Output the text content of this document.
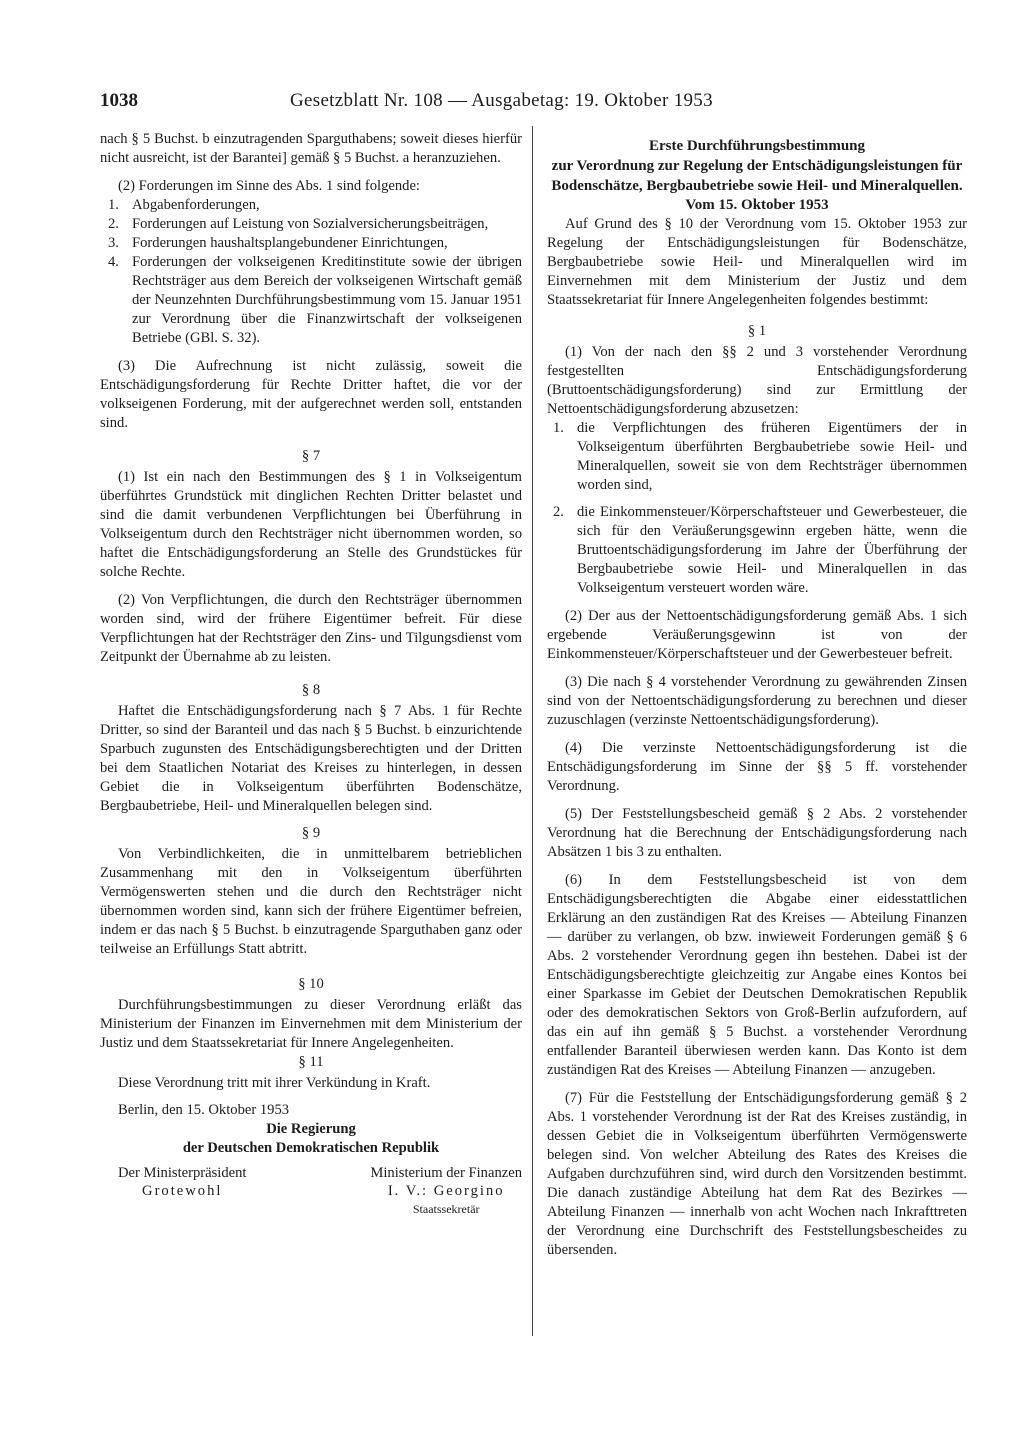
1038	Gesetzblatt Nr. 108 — Ausgabetag: 19. Oktober 1953

nach § 5 Buchst. b einzutragenden Sparguthabens; soweit dieses hierfür nicht ausreicht, ist der Barantei] gemäß § 5 Buchst. a heranzuziehen.

(2) Forderungen im Sinne des Abs. 1 sind folgende:

1. Abgabenforderungen,
2. Forderungen auf Leistung von Sozialversicherungsbeiträgen,
3. Forderungen haushaltsplangebundener Einrichtungen,
4. Forderungen der volkseigenen Kreditinstitute sowie der übrigen Rechtsträger aus dem Bereich der volkseigenen Wirtschaft gemäß der Neunzehnten Durchführungsbestimmung vom 15. Januar 1951 zur Verordnung über die Finanzwirtschaft der volkseigenen Betriebe (GBl. S. 32).

(3) Die Aufrechnung ist nicht zulässig, soweit die Entschädigungsforderung für Rechte Dritter haftet, die vor der volkseigenen Forderung, mit der aufgerechnet werden soll, entstanden sind.

§ 7

(1) Ist ein nach den Bestimmungen des § 1 in Volkseigentum überführtes Grundstück mit dinglichen Rechten Dritter belastet und sind die damit verbundenen Verpflichtungen bei Überführung in Volkseigentum durch den Rechtsträger nicht übernommen worden, so haftet die Entschädigungsforderung an Stelle des Grundstückes für solche Rechte.

(2) Von Verpflichtungen, die durch den Rechtsträger übernommen worden sind, wird der frühere Eigentümer befreit. Für diese Verpflichtungen hat der Rechtsträger den Zins- und Tilgungsdienst vom Zeitpunkt der Übernahme ab zu leisten.

§ 8

Haftet die Entschädigungsforderung nach § 7 Abs. 1 für Rechte Dritter, so sind der Baranteil und das nach § 5 Buchst. b einzurichtende Sparbuch zugunsten des Entschädigungsberechtigten und der Dritten bei dem Staatlichen Notariat des Kreises zu hinterlegen, in dessen Gebiet die in Volkseigentum überführten Bodenschätze, Bergbaubetriebe, Heil- und Mineralquellen belegen sind.

§ 9

Von Verbindlichkeiten, die in unmittelbarem betrieblichen Zusammenhang mit den in Volkseigentum überführten Vermögenswerten stehen und die durch den Rechtsträger nicht übernommen worden sind, kann sich der frühere Eigentümer befreien, indem er das nach § 5 Buchst. b einzutragende Sparguthaben ganz oder teilweise an Erfüllungs Statt abtritt.

§ 10

Durchführungsbestimmungen zu dieser Verordnung erläßt das Ministerium der Finanzen im Einvernehmen mit dem Ministerium der Justiz und dem Staatssekretariat für Innere Angelegenheiten.

§ 11

Diese Verordnung tritt mit ihrer Verkündung in Kraft.

Berlin, den 15. Oktober 1953

Die Regierung
der Deutschen Demokratischen Republik
Der Ministerpräsident
Grotewohl
Ministerium der Finanzen
I. V.: Georgino
Staatssekretär

Erste Durchführungsbestimmung

zur Verordnung zur Regelung der Entschädigungsleistungen für Bodenschätze, Bergbaubetriebe sowie Heil- und Mineralquellen.

Vom 15. Oktober 1953

Auf Grund des § 10 der Verordnung vom 15. Oktober 1953 zur Regelung der Entschädigungsleistungen für Bodenschätze, Bergbaubetriebe sowie Heil- und Mineralquellen wird im Einvernehmen mit dem Ministerium der Justiz und dem Staatssekretariat für Innere Angelegenheiten folgendes bestimmt:

§ 1

(1) Von der nach den §§ 2 und 3 vorstehender Verordnung festgestellten Entschädigungsforderung (Bruttoentschädigungsforderung) sind zur Ermittlung der Nettoentschädigungsforderung abzusetzen:

1. die Verpflichtungen des früheren Eigentümers der in Volkseigentum überführten Bergbaubetriebe sowie Heil- und Mineralquellen, soweit sie von dem Rechtsträger übernommen worden sind,
2. die Einkommensteuer/Körperschaftsteuer und Gewerbesteuer, die sich für den Veräußerungsgewinn ergeben hätte, wenn die Bruttoentschädigungsforderung im Jahre der Überführung der Bergbaubetriebe sowie Heil- und Mineralquellen in das Volkseigentum versteuert worden wäre.

(2) Der aus der Nettoentschädigungsforderung gemäß Abs. 1 sich ergebende Veräußerungsgewinn ist von der Einkommensteuer/Körperschaftsteuer und der Gewerbesteuer befreit.

(3) Die nach § 4 vorstehender Verordnung zu gewährenden Zinsen sind von der Nettoentschädigungsforderung zu berechnen und dieser zuzuschlagen (verzinste Nettoentschädigungsforderung).

(4) Die verzinste Nettoentschädigungsforderung ist die Entschädigungsforderung im Sinne der §§ 5 ff. vorstehender Verordnung.

(5) Der Feststellungsbescheid gemäß § 2 Abs. 2 vorstehender Verordnung hat die Berechnung der Entschädigungsforderung nach Absätzen 1 bis 3 zu enthalten.

(6) In dem Feststellungsbescheid ist von dem Entschädigungsberechtigten die Abgabe einer eidesstattlichen Erklärung an den zuständigen Rat des Kreises — Abteilung Finanzen — darüber zu verlangen, ob bzw. inwieweit Forderungen gemäß § 6 Abs. 2 vorstehender Verordnung gegen ihn bestehen. Dabei ist der Entschädigungsberechtigte gleichzeitig zur Angabe eines Kontos bei einer Sparkasse im Gebiet der Deutschen Demokratischen Republik oder des demokratischen Sektors von Groß-Berlin aufzufordern, auf das ein auf ihn gemäß § 5 Buchst. a vorstehender Verordnung entfallender Baranteil überwiesen werden kann. Das Konto ist dem zuständigen Rat des Kreises — Abteilung Finanzen — anzugeben.

(7) Für die Feststellung der Entschädigungsforderung gemäß § 2 Abs. 1 vorstehender Verordnung ist der Rat des Kreises zuständig, in dessen Gebiet die in Volkseigentum überführten Vermögenswerte belegen sind. Von welcher Abteilung des Rates des Kreises die Aufgaben durchzuführen sind, wird durch den Vorsitzenden bestimmt. Die danach zuständige Abteilung hat dem Rat des Bezirkes — Abteilung Finanzen — innerhalb von acht Wochen nach Inkrafttreten der Verordnung eine Durchschrift des Feststellungsbescheides zu übersenden.
